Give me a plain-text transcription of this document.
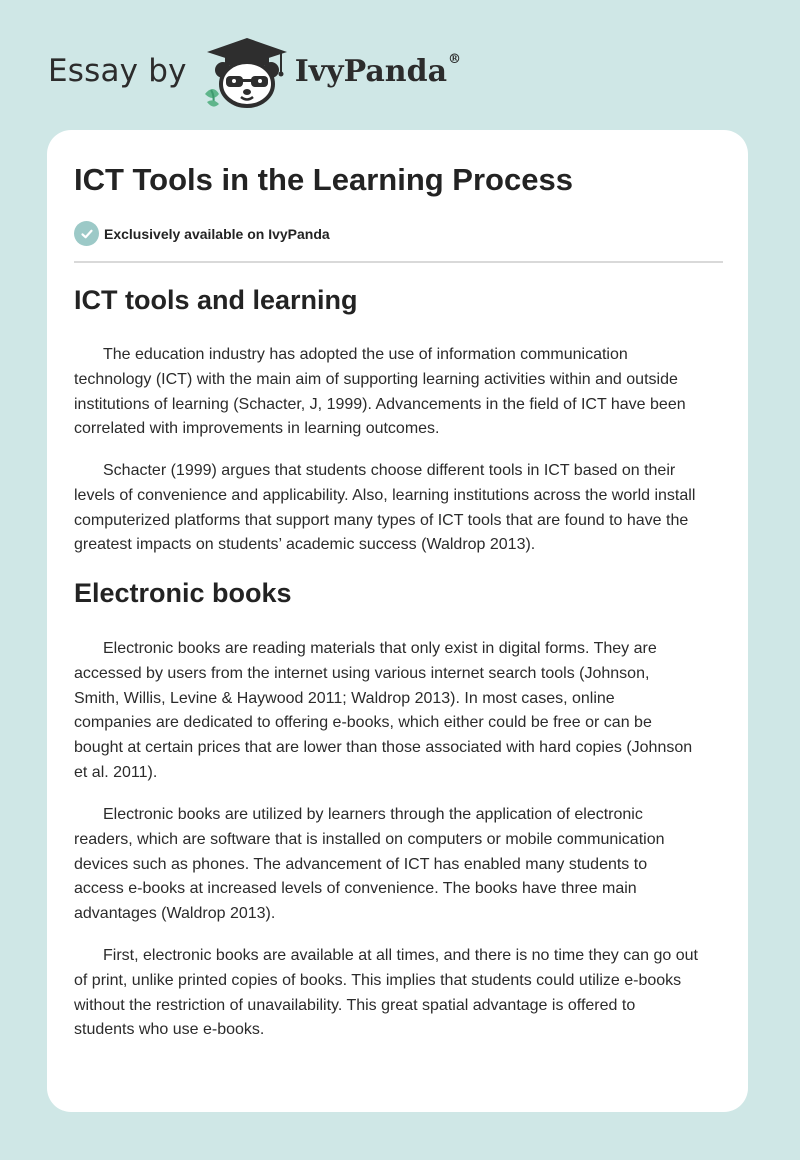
Essay by	IvyPanda®
ICT Tools in the Learning Process
Exclusively available on IvyPanda
ICT tools and learning

The education industry has adopted the use of information communication
technology (ICT) with the main aim of supporting learning activities within and outside
institutions of learning (Schacter, J, 1999). Advancements in the field of ICT have been
correlated with improvements in learning outcomes.

Schacter (1999) argues that students choose different tools in ICT based on their
levels of convenience and applicability. Also, learning institutions across the world install
computerized platforms that support many types of ICT tools that are found to have the
greatest impacts on students’ academic success (Waldrop 2013).

Electronic books

Electronic books are reading materials that only exist in digital forms. They are
accessed by users from the internet using various internet search tools (Johnson,
Smith, Willis, Levine & Haywood 2011; Waldrop 2013). In most cases, online
companies are dedicated to offering e-books, which either could be free or can be
bought at certain prices that are lower than those associated with hard copies (Johnson
et al. 2011).

Electronic books are utilized by learners through the application of electronic
readers, which are software that is installed on computers or mobile communication
devices such as phones. The advancement of ICT has enabled many students to
access e-books at increased levels of convenience. The books have three main
advantages (Waldrop 2013).

First, electronic books are available at all times, and there is no time they can go out
of print, unlike printed copies of books. This implies that students could utilize e-books
without the restriction of unavailability. This great spatial advantage is offered to
students who use e-books.
